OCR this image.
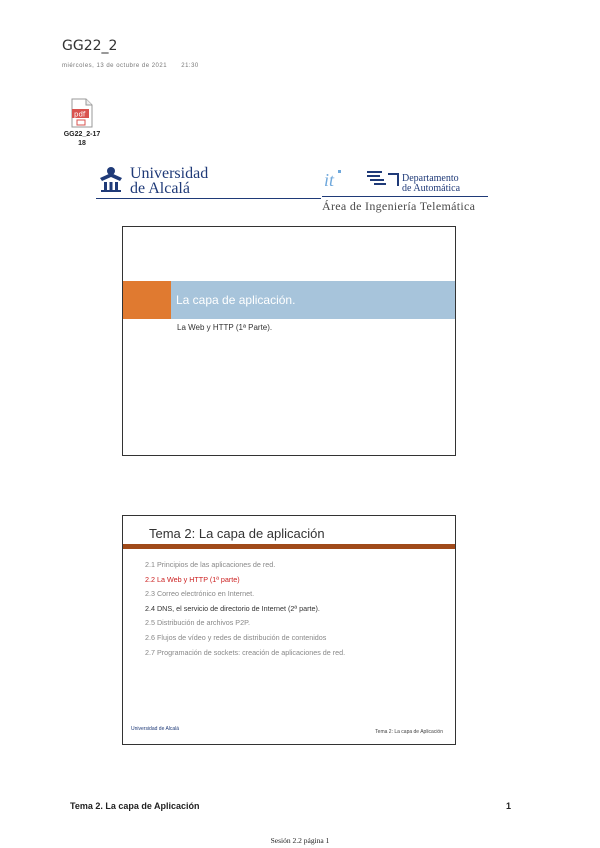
GG22_2
miércoles, 13 de octubre de 2021 21:30
pdf
GG22_2-17
18
Universidad
de Alcalá	it	Departamento
de Automática
Área de Ingeniería Telemática
La capa de aplicación.
La Web y HTTP (1ª Parte).
Tema 2: La capa de aplicación
2.1 Principios de las aplicaciones de red.
2.2 La Web y HTTP (1ª parte)
2.3 Correo electrónico en Internet.
2.4 DNS, el servicio de directorio de Internet (2ª parte).
2.5 Distribución de archivos P2P.
2.6 Flujos de vídeo y redes de distribución de contenidos
2.7 Programación de sockets: creación de aplicaciones de red.
Universidad de Alcalá	Tema 2: La capa de Aplicación
Tema 2. La capa de Aplicación	1
Sesión 2.2 página 1
